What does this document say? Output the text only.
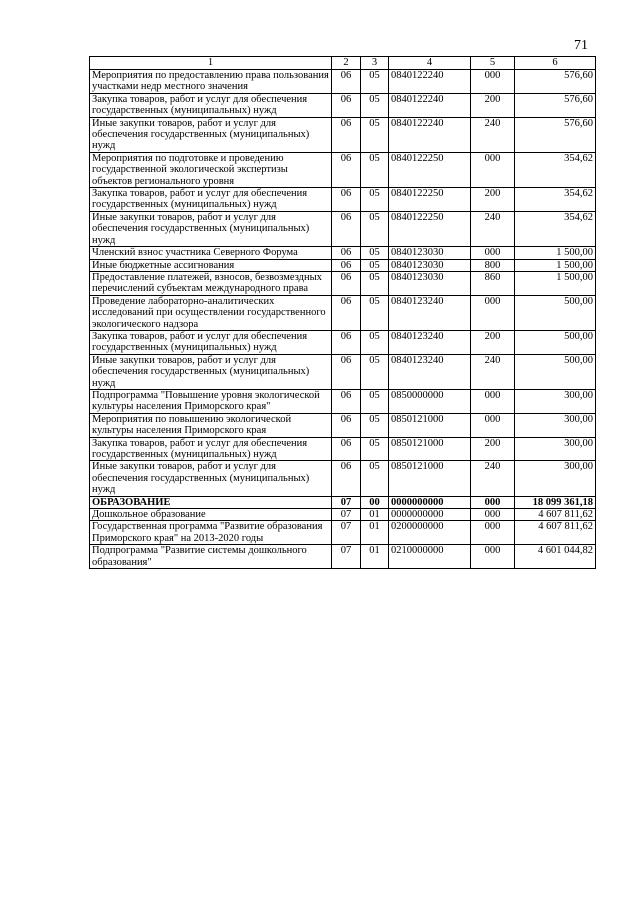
71
1	2	3	4	5	6
Мероприятия по предоставлению права пользования участками недр местного значения	06	05	0840122240	000	576,60
Закупка товаров, работ и услуг для обеспечения государственных (муниципальных) нужд	06	05	0840122240	200	576,60
Иные закупки товаров, работ и услуг для обеспечения государственных (муниципальных) нужд	06	05	0840122240	240	576,60
Мероприятия по подготовке и проведению государственной экологической экспертизы объектов регионального уровня	06	05	0840122250	000	354,62
Закупка товаров, работ и услуг для обеспечения государственных (муниципальных) нужд	06	05	0840122250	200	354,62
Иные закупки товаров, работ и услуг для обеспечения государственных (муниципальных) нужд	06	05	0840122250	240	354,62
Членский взнос участника Северного Форума	06	05	0840123030	000	1 500,00
Иные бюджетные ассигнования	06	05	0840123030	800	1 500,00
Предоставление платежей, взносов, безвозмездных перечислений субъектам международного права	06	05	0840123030	860	1 500,00
Проведение лабораторно-аналитических исследований при осуществлении государственного экологического надзора	06	05	0840123240	000	500,00
Закупка товаров, работ и услуг для обеспечения государственных (муниципальных) нужд	06	05	0840123240	200	500,00
Иные закупки товаров, работ и услуг для обеспечения государственных (муниципальных) нужд	06	05	0840123240	240	500,00
Подпрограмма "Повышение уровня экологической культуры населения Приморского края"	06	05	0850000000	000	300,00
Мероприятия по повышению экологической культуры населения Приморского края	06	05	0850121000	000	300,00
Закупка товаров, работ и услуг для обеспечения государственных (муниципальных) нужд	06	05	0850121000	200	300,00
Иные закупки товаров, работ и услуг для обеспечения государственных (муниципальных) нужд	06	05	0850121000	240	300,00
ОБРАЗОВАНИЕ	07	00	0000000000	000	18 099 361,18
Дошкольное образование	07	01	0000000000	000	4 607 811,62
Государственная программа "Развитие образования Приморского края" на 2013-2020 годы	07	01	0200000000	000	4 607 811,62
Подпрограмма "Развитие системы дошкольного образования"	07	01	0210000000	000	4 601 044,82
